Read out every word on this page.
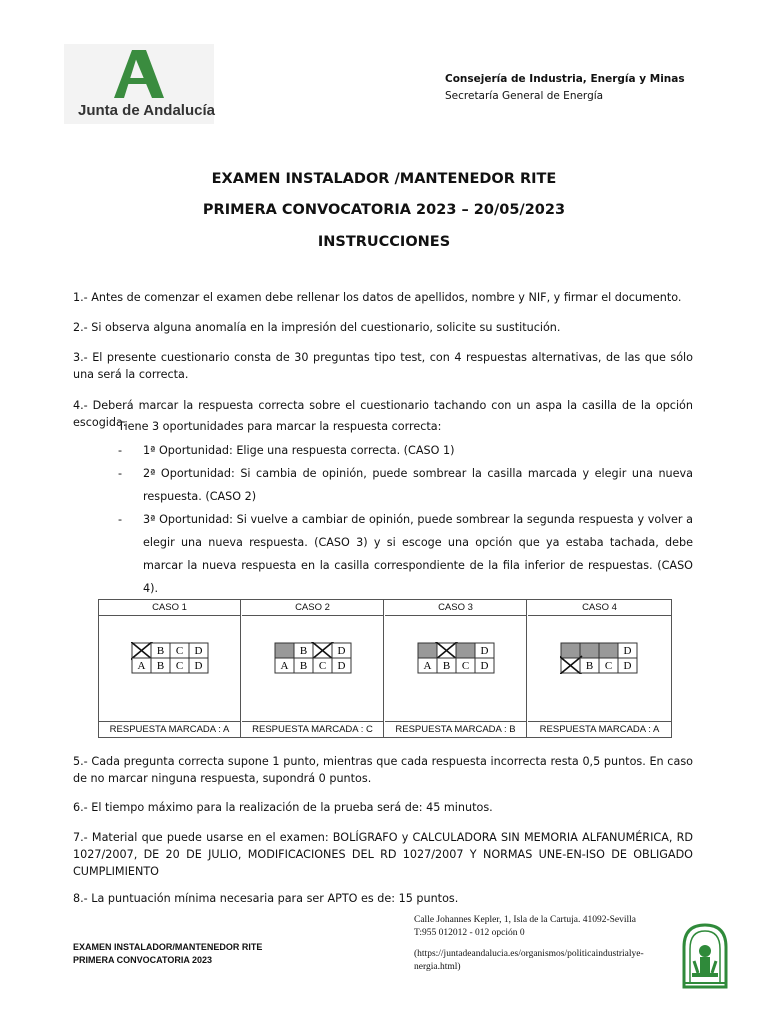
Junta de Andalucía
Consejería de Industria, Energía y Minas
Secretaría General de Energía
EXAMEN INSTALADOR /MANTENEDOR RITE
PRIMERA CONVOCATORIA 2023 – 20/05/2023
INSTRUCCIONES
1.- Antes de comenzar el examen debe rellenar los datos de apellidos, nombre y NIF, y firmar el documento.
2.- Si observa alguna anomalía en la impresión del cuestionario, solicite su sustitución.
3.- El presente cuestionario consta de 30 preguntas tipo test, con 4 respuestas alternativas, de las que sólo una será la correcta.
4.- Deberá marcar la respuesta correcta sobre el cuestionario tachando con un aspa la casilla de la opción escogida.
Tiene 3 oportunidades para marcar la respuesta correcta:
- 1ª Oportunidad: Elige una respuesta correcta. (CASO 1)
- 2ª Oportunidad: Si cambia de opinión, puede sombrear la casilla marcada y elegir una nueva respuesta. (CASO 2)
- 3ª Oportunidad: Si vuelve a cambiar de opinión, puede sombrear la segunda respuesta y volver a elegir una nueva respuesta. (CASO 3) y si escoge una opción que ya estaba tachada, debe marcar la nueva respuesta en la casilla correspondiente de la fila inferior de respuestas. (CASO 4).
CASO 1
B C D
A B C D
RESPUESTA MARCADA : A
CASO 2
B	D
A B C D
RESPUESTA MARCADA : C
CASO 3
D
A B C D
RESPUESTA MARCADA : B
CASO 4
D
B C D
RESPUESTA MARCADA : A
5.- Cada pregunta correcta supone 1 punto, mientras que cada respuesta incorrecta resta 0,5 puntos. En caso de no marcar ninguna respuesta, supondrá 0 puntos.
6.- El tiempo máximo para la realización de la prueba será de: 45 minutos.
7.- Material que puede usarse en el examen: BOLÍGRAFO y CALCULADORA SIN MEMORIA ALFANUMÉRICA, RD 1027/2007, DE 20 DE JULIO, MODIFICACIONES DEL RD 1027/2007 Y NORMAS UNE-EN-ISO DE OBLIGADO CUMPLIMIENTO
8.- La puntuación mínima necesaria para ser APTO es de: 15 puntos.
EXAMEN INSTALADOR/MANTENEDOR RITE
PRIMERA CONVOCATORIA 2023
Calle Johannes Kepler, 1, Isla de la Cartuja. 41092-Sevilla
T:955 012012 - 012 opción 0
(https://juntadeandalucia.es/organismos/politicaindustrialye-nergia.html)
